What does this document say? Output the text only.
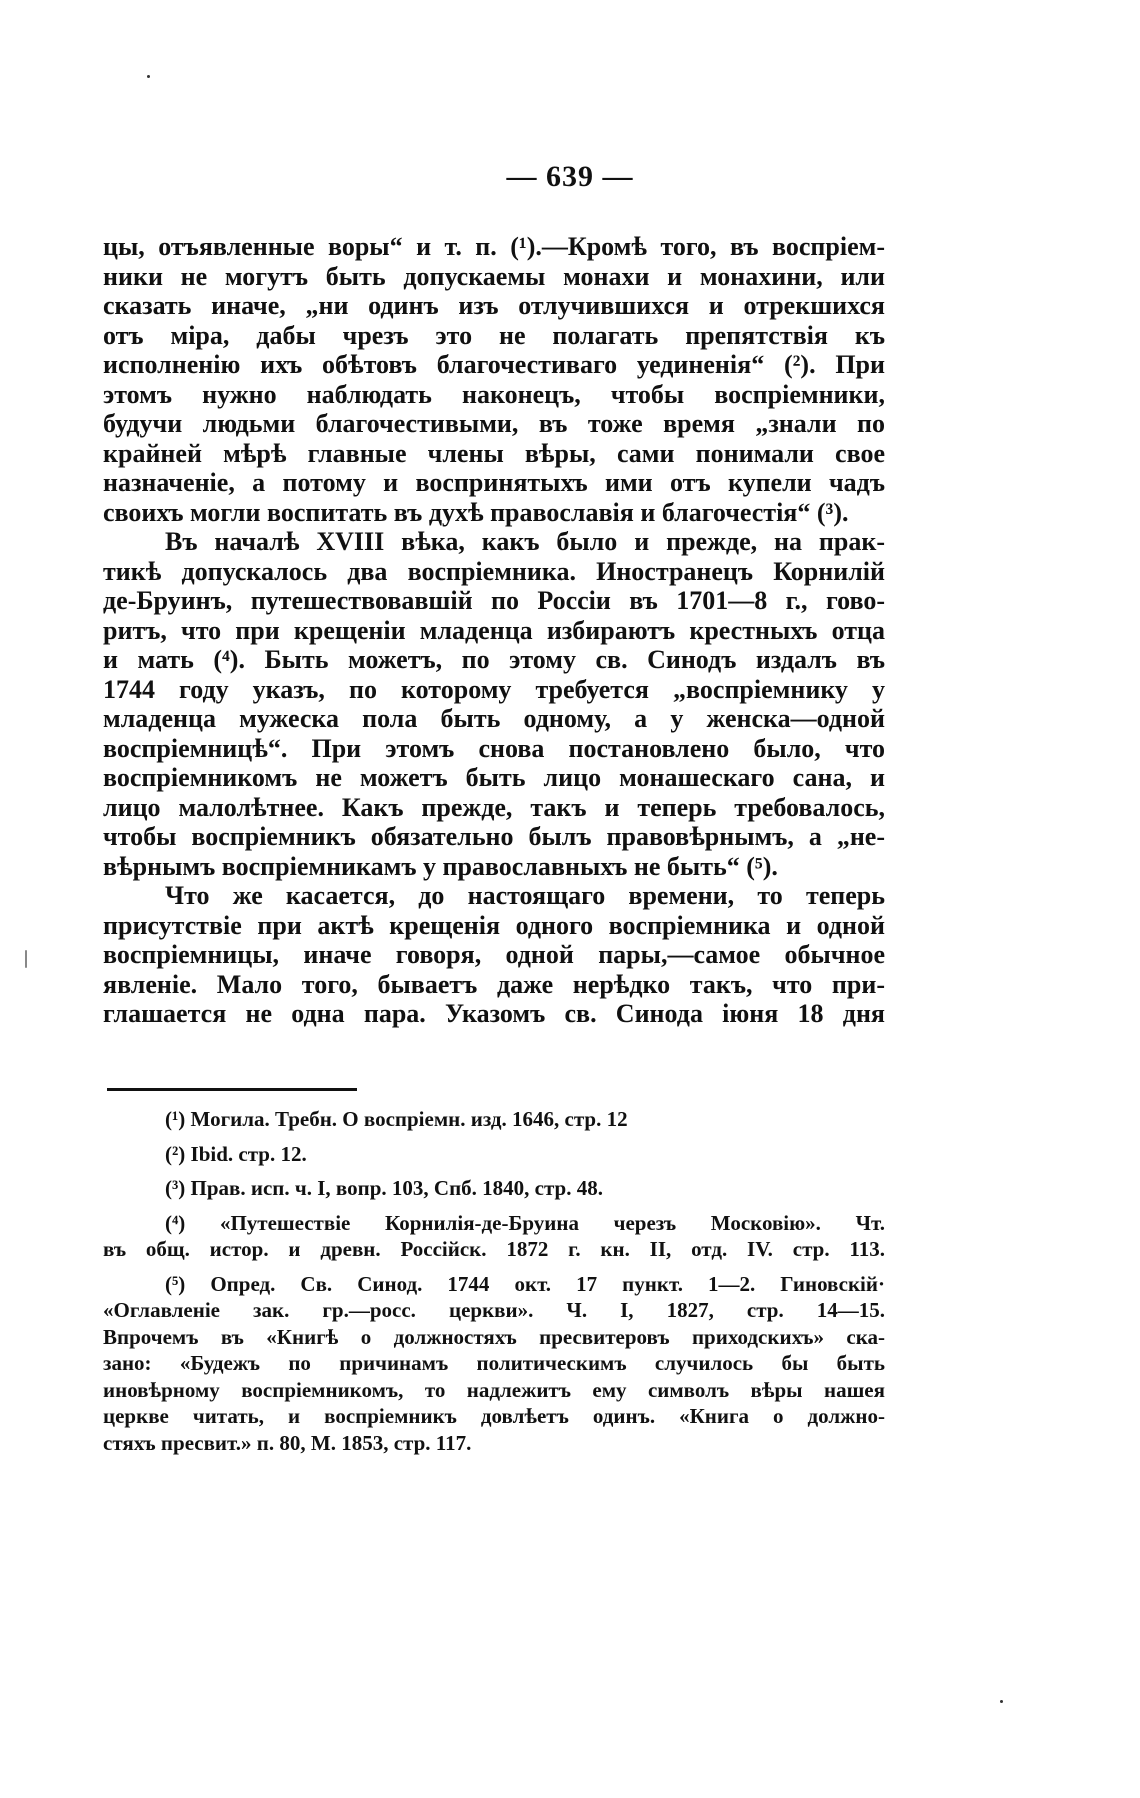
— 639 —
цы, отъявленные воры“ и т. п. (¹).—Кромѣ того, въ воспріем-
ники не могутъ быть допускаемы монахи и монахини, или
сказать иначе, „ни одинъ изъ отлучившихся и отрекшихся
отъ міра, дабы чрезъ это не полагать препятствія къ
исполненію ихъ обѣтовъ благочестиваго уединенія“ (²). При
этомъ нужно наблюдать наконецъ, чтобы воспріемники,
будучи людьми благочестивыми, въ тоже время „знали по
крайней мѣрѣ главные члены вѣры, сами понимали свое
назначеніе, а потому и воспринятыхъ ими отъ купели чадъ
своихъ могли воспитать въ духѣ православія и благочестія“ (³).
Въ началѣ XVIII вѣка, какъ было и прежде, на прак-
тикѣ допускалось два воспріемника. Иностранецъ Корнилій
де-Бруинъ, путешествовавшій по Россіи въ 1701—8 г., гово-
ритъ, что при крещеніи младенца избираютъ крестныхъ отца
и мать (⁴). Быть можетъ, по этому св. Синодъ издалъ въ
1744 году указъ, по которому требуется „воспріемнику у
младенца мужеска пола быть одному, а у женска—одной
воспріемницѣ“. При этомъ снова постановлено было, что
воспріемникомъ не можетъ быть лицо монашескаго сана, и
лицо малолѣтнее. Какъ прежде, такъ и теперь требовалось,
чтобы воспріемникъ обязательно былъ правовѣрнымъ, а „не-
вѣрнымъ воспріемникамъ у православныхъ не быть“ (⁵).
Что же касается, до настоящаго времени, то теперь
присутствіе при актѣ крещенія одного воспріемника и одной
воспріемницы, иначе говоря, одной пары,—самое обычное
явленіе. Мало того, бываетъ даже нерѣдко такъ, что при-
глашается не одна пара. Указомъ св. Синода іюня 18 дня
(¹) Могила. Требн. О воспріемн. изд. 1646, стр. 12
(²) Ibid. стр. 12.
(³) Прав. исп. ч. I, вопр. 103, Спб. 1840, стр. 48.
(⁴) «Путешествіе Корнилія-де-Бруина черезъ Московію». Чт.
въ общ. истор. и древн. Россійск. 1872 г. кн. II, отд. IV. стр. 113.
(⁵) Опред. Св. Синод. 1744 окт. 17 пункт. 1—2. Гиновскій·
«Оглавленіе зак. гр.—росс. церкви». Ч. I, 1827, стр. 14—15.
Впрочемъ въ «Книгѣ о должностяхъ пресвитеровъ приходскихъ» ска-
зано: «Будежъ по причинамъ политическимъ случилось бы быть
иновѣрному воспріемникомъ, то надлежитъ ему символъ вѣры нашея
церкве читать, и воспріемникъ довлѣетъ одинъ. «Книга о должно-
стяхъ пресвит.» п. 80, М. 1853, стр. 117.
